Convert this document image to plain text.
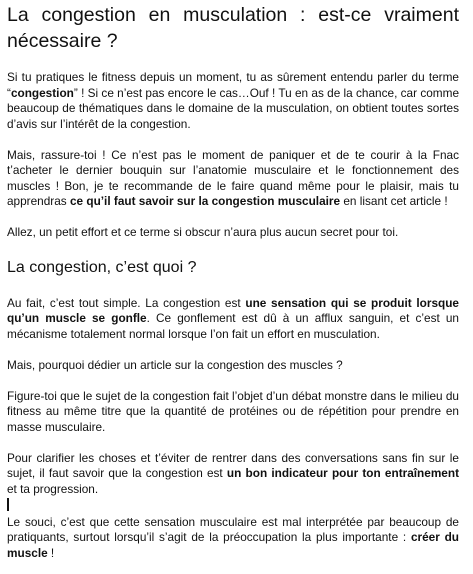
La congestion en musculation : est-ce vraiment nécessaire ?

Si tu pratiques le fitness depuis un moment, tu as sûrement entendu parler du terme “congestion” ! Si ce n’est pas encore le cas…Ouf ! Tu en as de la chance, car comme beaucoup de thématiques dans le domaine de la musculation, on obtient toutes sortes d’avis sur l’intérêt de la congestion.

Mais, rassure-toi ! Ce n’est pas le moment de paniquer et de te courir à la Fnac t’acheter le dernier bouquin sur l’anatomie musculaire et le fonctionnement des muscles ! Bon, je te recommande de le faire quand même pour le plaisir, mais tu apprendras ce qu’il faut savoir sur la congestion musculaire en lisant cet article !

Allez, un petit effort et ce terme si obscur n’aura plus aucun secret pour toi.

La congestion, c’est quoi ?

Au fait, c’est tout simple. La congestion est une sensation qui se produit lorsque qu’un muscle se gonfle. Ce gonflement est dû à un afflux sanguin, et c’est un mécanisme totalement normal lorsque l’on fait un effort en musculation.

Mais, pourquoi dédier un article sur la congestion des muscles ?

Figure-toi que le sujet de la congestion fait l’objet d’un débat monstre dans le milieu du fitness au même titre que la quantité de protéines ou de répétition pour prendre en masse musculaire.

Pour clarifier les choses et t’éviter de rentrer dans des conversations sans fin sur le sujet, il faut savoir que la congestion est un bon indicateur pour ton entraînement et ta progression.

Le souci, c’est que cette sensation musculaire est mal interprétée par beaucoup de pratiquants, surtout lorsqu’il s’agit de la préoccupation la plus importante : créer du muscle !
